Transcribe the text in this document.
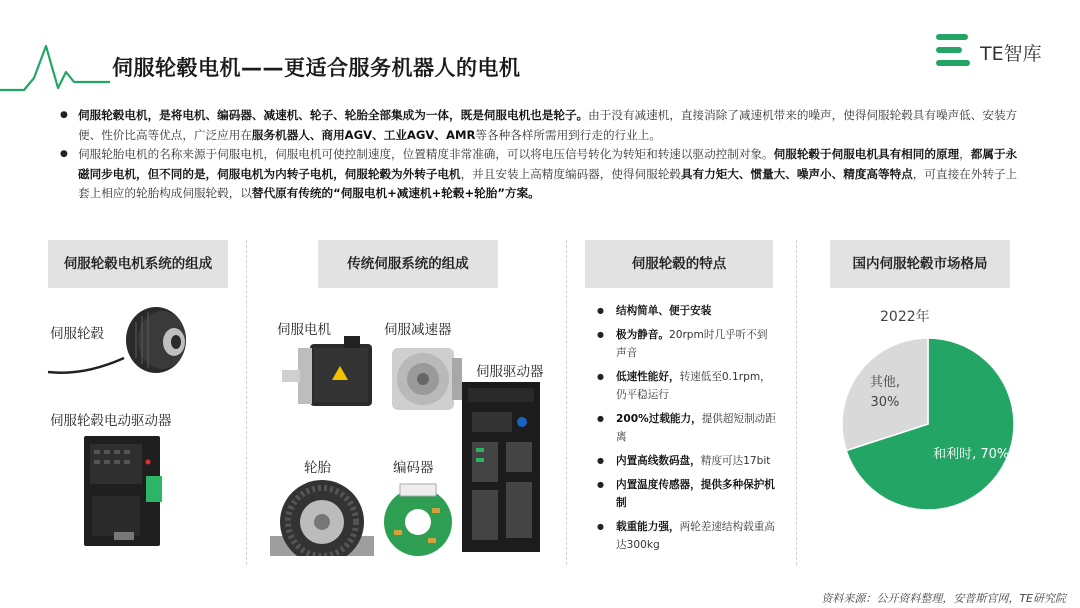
伺服轮毂电机——更适合服务机器人的电机
TE智库
● 伺服轮毂电机，是将电机、编码器、减速机、轮子、轮胎全部集成为一体，既是伺服电机也是轮子。由于没有减速机，直接消除了减速机带来的噪声，使得伺服轮毂具有噪声低、安装方便、性价比高等优点，广泛应用在服务机器人、商用AGV、工业AGV、AMR等各种各样所需用到行走的行业上。
● 伺服轮胎电机的名称来源于伺服电机，伺服电机可使控制速度，位置精度非常准确，可以将电压信号转化为转矩和转速以驱动控制对象。伺服轮毂于伺服电机具有相同的原理，都属于永磁同步电机，但不同的是，伺服电机为内转子电机，伺服轮毂为外转子电机，并且安装上高精度编码器，使得伺服轮毂具有力矩大、惯量大、噪声小、精度高等特点，可直接在外转子上套上相应的轮胎构成伺服轮毂，以替代原有传统的“伺服电机+减速机+轮毂+轮胎”方案。
伺服轮毂电机系统的组成	传统伺服系统的组成	伺服轮毂的特点	国内伺服轮毂市场格局
伺服轮毂
伺服轮毂电动驱动器
伺服电机	伺服减速器
伺服驱动器
轮胎	编码器
● 结构简单、便于安装
● 极为静音。20rpm时几乎听不到声音
● 低速性能好，转速低至0.1rpm，仍平稳运行
● 200%过载能力，提供超短制动距离
● 内置高线数码盘，精度可达17bit
● 内置温度传感器，提供多种保护机制
● 载重能力强，两轮差速结构载重高达300kg
2022年
和利时, 70%
其他,
30%
资料来源：公开资料整理，安普斯官网，TE研究院
